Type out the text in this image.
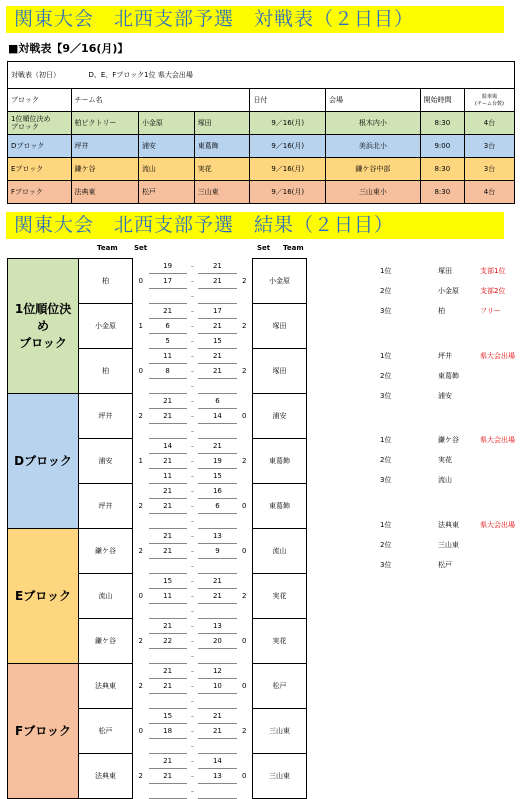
関東大会　北西支部予選　対戦表（２日目）
■対戦表【9／16(月)】
対戦表（初日） D、E、Fブロック1位 県大会出場							
ブロック	チーム名			日付	会場	開始時間	駐車場
(チーム台数)
1位順位決め
ブロック	柏ピクトリー	小金原	塚田	9／16(月)	根木内小	8:30	4台
Dブロック	坪井	浦安	東葛飾	9／16(月)	美浜北小	9:00	3台
Eブロック	鎌ケ谷	流山	実花	9／16(月)	鎌ケ谷中部	8:30	3台
Fブロック	法典東	松戸	三山東	9／16(月)	三山東小	8:30	4台
関東大会　北西支部予選　結果（２日目）
Team Set	Set Team
1位順位決め
ブロック	柏	0	19	–	21	2	小金原
			17	–	21		
				–			
	小金原	1	21	–	17	2	塚田
			6	–	21		
			5	–	15		
	柏	0	11	–	21	2	塚田
			8	–	21		
				–			
Dブロック	坪井	2	21	–	6	0	浦安
			21	–	14		
				–			
	浦安	1	14	–	21	2	東葛飾
			21	–	19		
			11	–	15		
	坪井	2	21	–	16	0	東葛飾
			21	–	6		
				–			
Eブロック	鎌ケ谷	2	21	–	13	0	流山
			21	–	9		
				–			
	流山	0	15	–	21	2	実花
			11	–	21		
				–			
	鎌ケ谷	2	21	–	13	0	実花
			22	–	20		
				–			
Fブロック	法典東	2	21	–	12	0	松戸
			21	–	10		
				–			
	松戸	0	15	–	21	2	三山東
			18	–	21		
				–			
	法典東	2	21	–	14	0	三山東
			21	–	13		
				–			
1位	塚田	支部1位
2位	小金原	支部2位
3位	柏	フリー
1位	坪井	県大会出場
2位	東葛飾
3位	浦安
1位	鎌ケ谷	県大会出場
2位	実花
3位	流山
1位	法典東	県大会出場
2位	三山東
3位	松戸
